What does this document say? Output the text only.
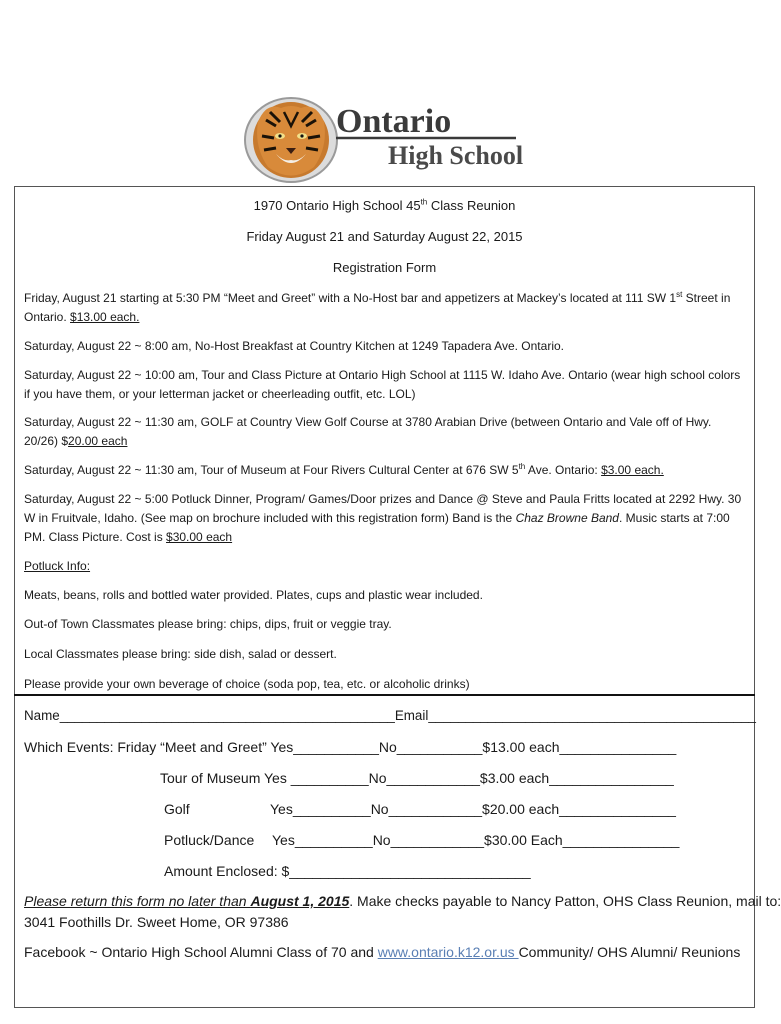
Ontario
High School
1970 Ontario High School 45th Class Reunion
Friday August 21 and Saturday August 22, 2015
Registration Form
Friday, August 21 starting at 5:30 PM “Meet and Greet” with a No-Host bar and appetizers at Mackey’s located at 111 SW 1st Street in Ontario. $13.00 each.
Saturday, August 22 ~ 8:00 am, No-Host Breakfast at Country Kitchen at 1249 Tapadera Ave. Ontario.
Saturday, August 22 ~ 10:00 am, Tour and Class Picture at Ontario High School at 1115 W. Idaho Ave. Ontario (wear high school colors if you have them, or your letterman jacket or cheerleading outfit, etc. LOL)
Saturday, August 22 ~ 11:30 am, GOLF at Country View Golf Course at 3780 Arabian Drive (between Ontario and Vale off of Hwy. 20/26) $20.00 each
Saturday, August 22 ~ 11:30 am, Tour of Museum at Four Rivers Cultural Center at 676 SW 5th Ave. Ontario: $3.00 each.
Saturday, August 22 ~ 5:00 Potluck Dinner, Program/ Games/Door prizes and Dance @ Steve and Paula Fritts located at 2292 Hwy. 30 W in Fruitvale, Idaho. (See map on brochure included with this registration form) Band is the Chaz Browne Band. Music starts at 7:00 PM. Class Picture. Cost is $30.00 each
Potluck Info:
Meats, beans, rolls and bottled water provided. Plates, cups and plastic wear included.
Out-of Town Classmates please bring: chips, dips, fruit or veggie tray.
Local Classmates please bring: side dish, salad or dessert.
Please provide your own beverage of choice (soda pop, tea, etc. or alcoholic drinks)
Name_____________________________________________Email____________________________________________
Which Events: Friday “Meet and Greet” Yes___________No___________$13.00 each_______________
Tour of Museum Yes __________No____________$3.00 each________________
Golf	Yes__________No____________$20.00 each_______________
Potluck/Dance Yes__________No____________$30.00 Each_______________
Amount Enclosed: $_______________________________
Please return this form no later than August 1, 2015. Make checks payable to Nancy Patton, OHS Class Reunion, mail to:
3041 Foothills Dr. Sweet Home, OR 97386
Facebook ~ Ontario High School Alumni Class of 70 and www.ontario.k12.or.us Community/ OHS Alumni/ Reunions
